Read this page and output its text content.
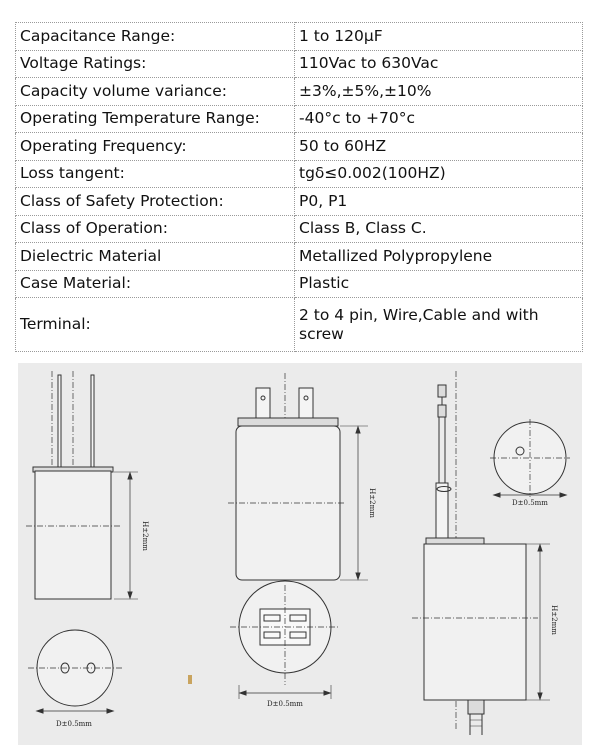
Capacitance Range:	1 to 120μF
Voltage Ratings:	110Vac to 630Vac
Capacity volume variance:	±3%,±5%,±10%
Operating Temperature Range:	-40°c to +70°c
Operating Frequency:	50 to 60HZ
Loss tangent:	tgδ≤0.002(100HZ)
Class of Safety Protection:	P0, P1
Class of Operation:	Class B, Class C.
Dielectric Material	Metallized Polypropylene
Case Material:	Plastic
Terminal:	2 to 4 pin, Wire,Cable and with screw
H±2mm
D±0.5mm
H±2mm
D±0.5mm
H±2mm
D±0.5mm
